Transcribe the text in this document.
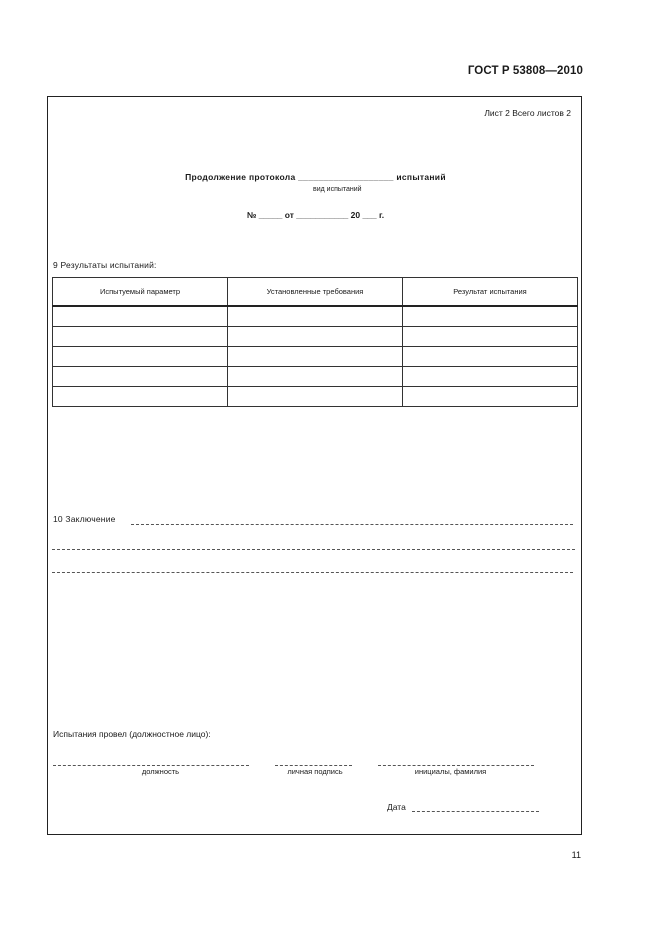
ГОСТ Р 53808—2010
Лист 2 Всего листов 2
Продолжение протокола ___________________ испытаний
вид испытаний
№ _____ от ___________ 20 ___ г.
9 Результаты испытаний:
Испытуемый параметр	Установленные требования	Результат испытания

10 Заключение
Испытания провел (должностное лицо):
должность	личная подпись	инициалы, фамилия
Дата
11
